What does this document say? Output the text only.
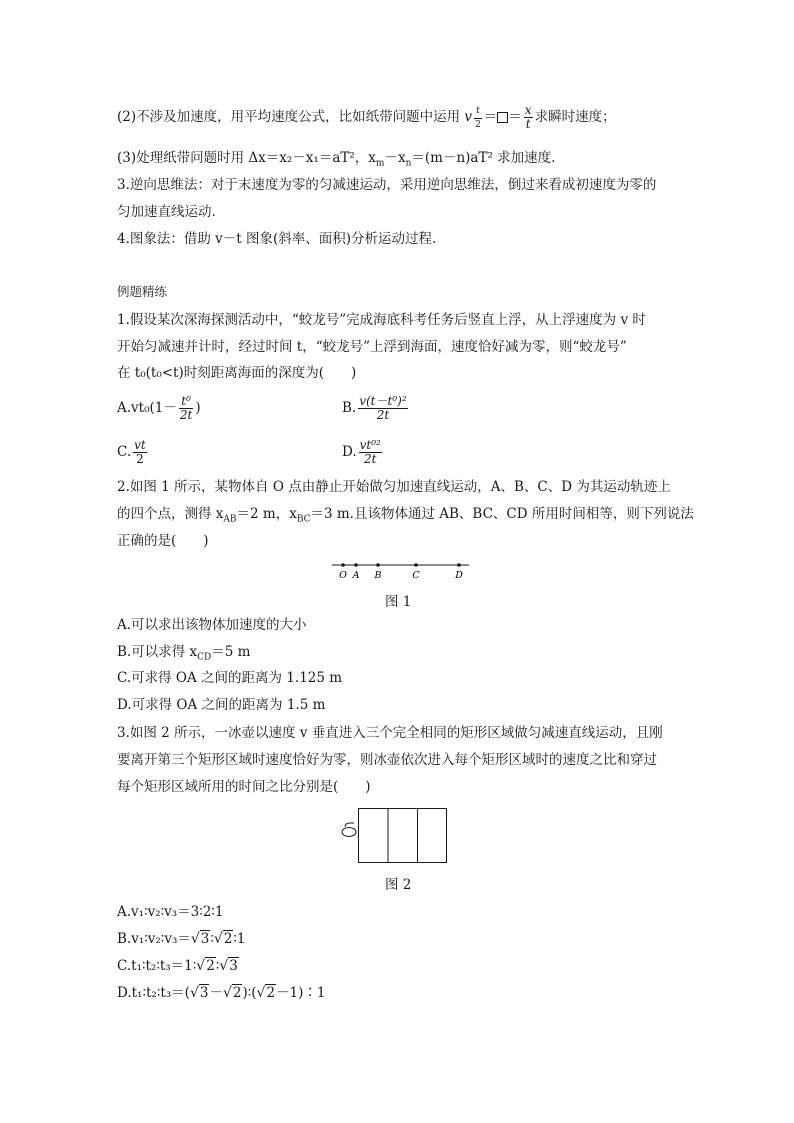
(2)不涉及加速度，用平均速度公式，比如纸带问题中运用 v $\frac{t}{2}$ ＝ ＝ $\frac{x}{t}$ 求瞬时速度；
(3)处理纸带问题时用 Δx＝x₂－x₁＝aT²，$x_m-x_n=(m-n)aT^2$ 求加速度.
3.逆向思维法：对于末速度为零的匀减速运动，采用逆向思维法，倒过来看成初速度为零的
匀加速直线运动.
4.图象法：借助 v－t 图象(斜率、面积)分析运动过程.
例题精练
1.假设某次深海探测活动中，“蛟龙号”完成海底科考任务后竖直上浮，从上浮速度为 v 时
开始匀减速并计时，经过时间 t，“蛟龙号”上浮到海面，速度恰好减为零，则“蛟龙号”
在 t₀(t₀<t)时刻距离海面的深度为(　　)
$A.vt_0(1- \frac{\text{t⁰}}{2t}$ )	B. $\frac{\text{v(t－t⁰)²}}{2t}$
C. $\frac{vt}{2}$	D. $\frac{\text{vt⁰²}}{2t}$
2.如图 1 所示，某物体自 O 点由静止开始做匀加速直线运动，A、B、C、D 为其运动轨迹上
的四个点，测得 $x_{AB}=2$ m，$x_{BC}=3$ m.且该物体通过 AB、BC、CD 所用时间相等，则下列说法
正确的是(　　)
O A B	C	D
图 1
A.可以求出该物体加速度的大小
B.可以求得 $x_{CD}=5$ m
C.可求得 OA 之间的距离为 1.125 m
D.可求得 OA 之间的距离为 1.5 m
3.如图 2 所示，一冰壶以速度 v 垂直进入三个完全相同的矩形区域做匀减速直线运动，且刚
要离开第三个矩形区域时速度恰好为零，则冰壶依次进入每个矩形区域时的速度之比和穿过
每个矩形区域所用的时间之比分别是(　　)
图 2
A.v₁∶v₂∶v₃＝3∶2∶1
B.v₁∶v₂∶v₃＝√3∶√2∶1
C.t₁∶t₂∶t₃＝1∶√2∶√3
D.t₁∶t₂∶t₃＝(√3－√2)∶(√2－1)∶1
